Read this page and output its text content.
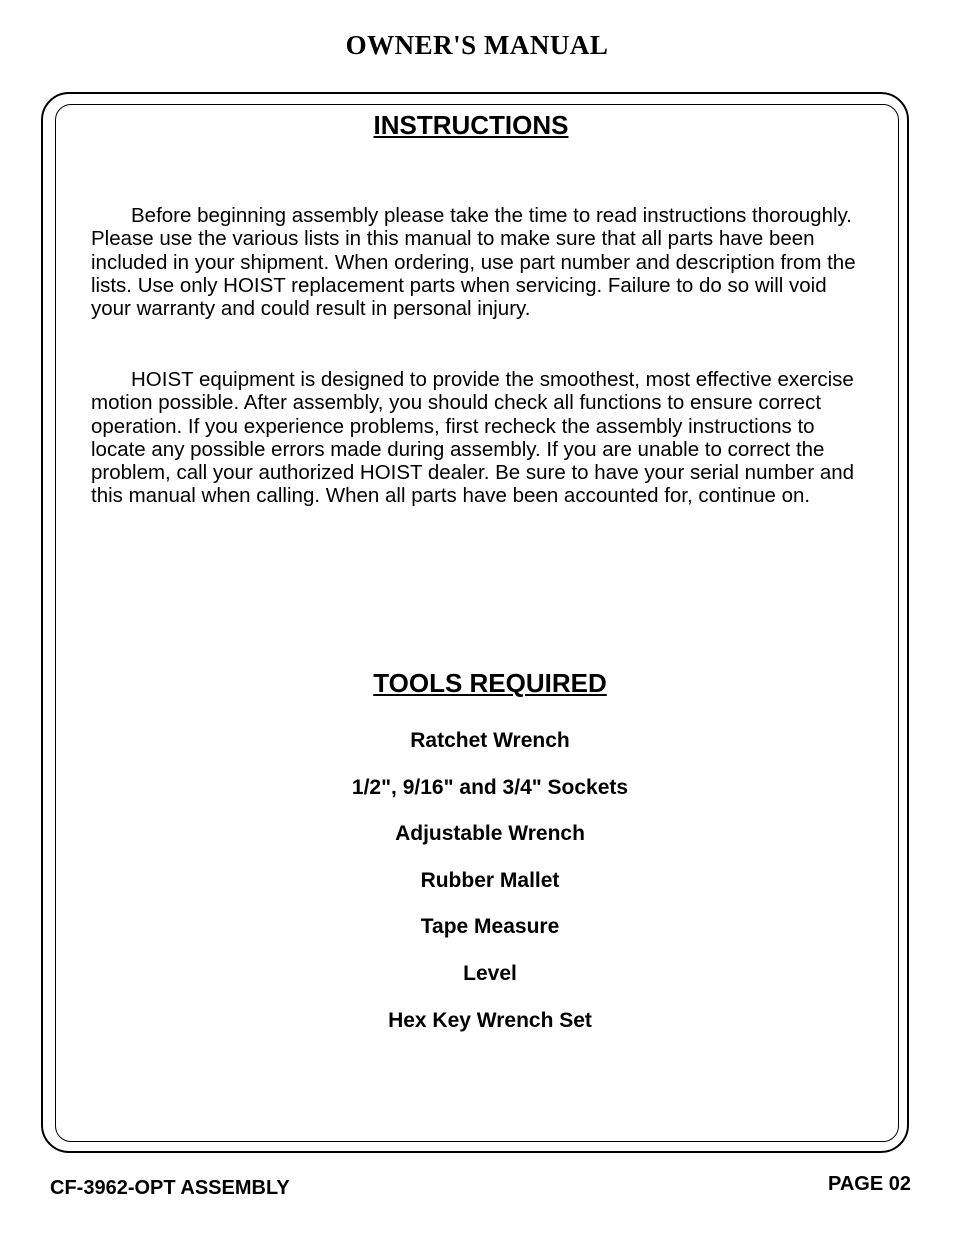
OWNER'S MANUAL
INSTRUCTIONS

Before beginning assembly please take the time to read instructions thoroughly. Please use the various lists in this manual to make sure that all parts have been included in your shipment. When ordering, use part number and description from the lists. Use only HOIST replacement parts when servicing. Failure to do so will void your warranty and could result in personal injury.

HOIST equipment is designed to provide the smoothest, most effective exercise motion possible. After assembly, you should check all functions to ensure correct operation. If you experience problems, first recheck the assembly instructions to locate any possible errors made during assembly. If you are unable to correct the problem, call your authorized HOIST dealer. Be sure to have your serial number and this manual when calling. When all parts have been accounted for, continue on.

TOOLS REQUIRED
Ratchet Wrench
1/2", 9/16" and 3/4" Sockets
Adjustable Wrench
Rubber Mallet
Tape Measure
Level
Hex Key Wrench Set

CF-3962-OPT ASSEMBLY	PAGE 02
